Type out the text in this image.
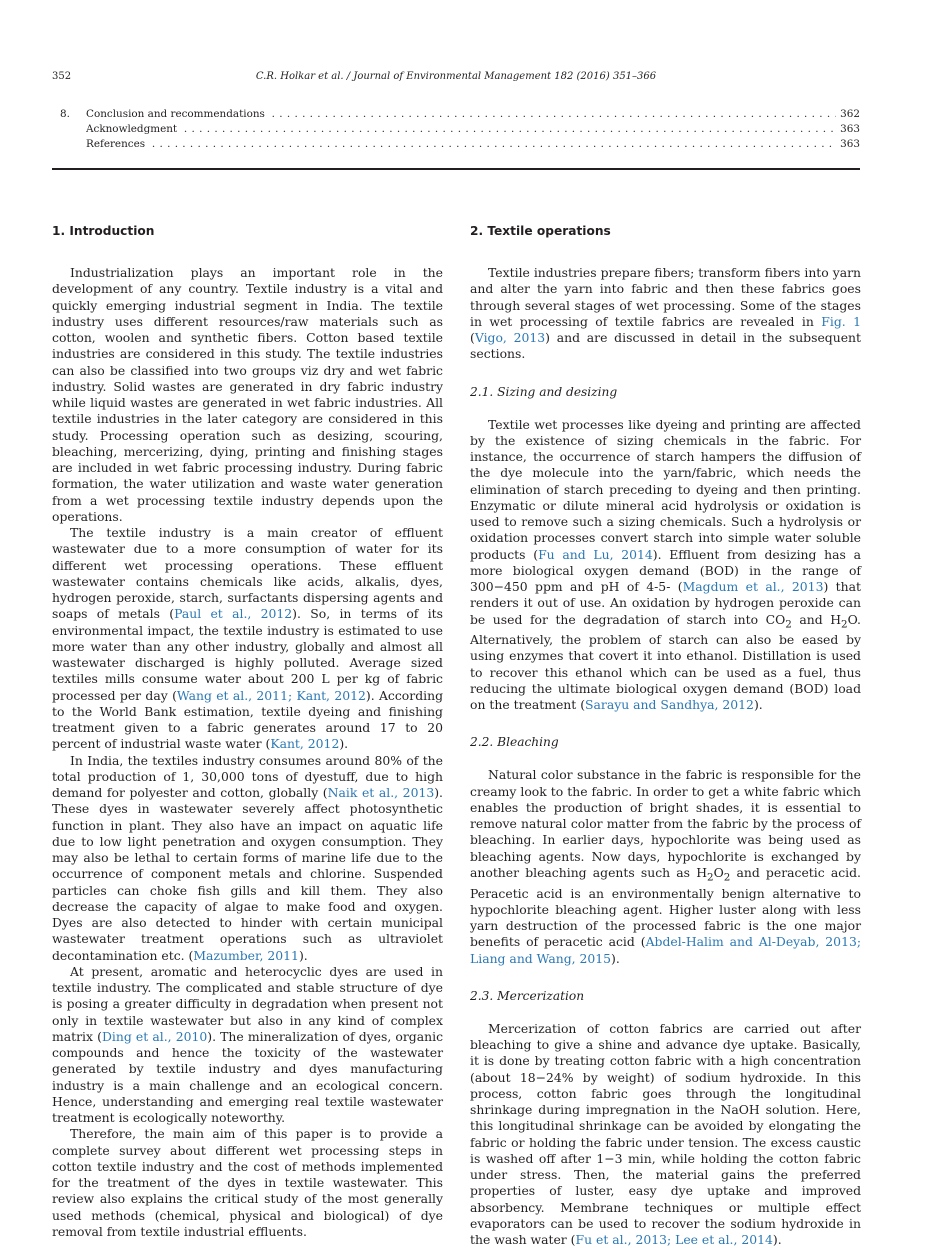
352	C.R. Holkar et al. / Journal of Environmental Management 182 (2016) 351–366
8. Conclusion and recommendations . . .	362
Acknowledgment . . .	363
References . . .	363
1. Introduction

Industrialization plays an important role in the development of any country. Textile industry is a vital and quickly emerging industrial segment in India. The textile industry uses different resources/raw materials such as cotton, woolen and synthetic fibers. Cotton based textile industries are considered in this study. The textile industries can also be classified into two groups viz dry and wet fabric industry. Solid wastes are generated in dry fabric industry while liquid wastes are generated in wet fabric industries. All textile industries in the later category are considered in this study. Processing operation such as desizing, scouring, bleaching, mercerizing, dying, printing and finishing stages are included in wet fabric processing industry. During fabric formation, the water utilization and waste water generation from a wet processing textile industry depends upon the operations.

The textile industry is a main creator of effluent wastewater due to a more consumption of water for its different wet processing operations. These effluent wastewater contains chemicals like acids, alkalis, dyes, hydrogen peroxide, starch, surfactants dispersing agents and soaps of metals (Paul et al., 2012). So, in terms of its environmental impact, the textile industry is estimated to use more water than any other industry, globally and almost all wastewater discharged is highly polluted. Average sized textiles mills consume water about 200 L per kg of fabric processed per day (Wang et al., 2011; Kant, 2012). According to the World Bank estimation, textile dyeing and finishing treatment given to a fabric generates around 17 to 20 percent of industrial waste water (Kant, 2012).

In India, the textiles industry consumes around 80% of the total production of 1, 30,000 tons of dyestuff, due to high demand for polyester and cotton, globally (Naik et al., 2013). These dyes in wastewater severely affect photosynthetic function in plant. They also have an impact on aquatic life due to low light penetration and oxygen consumption. They may also be lethal to certain forms of marine life due to the occurrence of component metals and chlorine. Suspended particles can choke fish gills and kill them. They also decrease the capacity of algae to make food and oxygen. Dyes are also detected to hinder with certain municipal wastewater treatment operations such as ultraviolet decontamination etc. (Mazumber, 2011).

At present, aromatic and heterocyclic dyes are used in textile industry. The complicated and stable structure of dye is posing a greater difficulty in degradation when present not only in textile wastewater but also in any kind of complex matrix (Ding et al., 2010). The mineralization of dyes, organic compounds and hence the toxicity of the wastewater generated by textile industry and dyes manufacturing industry is a main challenge and an ecological concern. Hence, understanding and emerging real textile wastewater treatment is ecologically noteworthy.

Therefore, the main aim of this paper is to provide a complete survey about different wet processing steps in cotton textile industry and the cost of methods implemented for the treatment of the dyes in textile wastewater. This review also explains the critical study of the most generally used methods (chemical, physical and biological) of dye removal from textile industrial effluents.

2. Textile operations

Textile industries prepare fibers; transform fibers into yarn and alter the yarn into fabric and then these fabrics goes through several stages of wet processing. Some of the stages in wet processing of textile fabrics are revealed in Fig. 1 (Vigo, 2013) and are discussed in detail in the subsequent sections.

2.1. Sizing and desizing

Textile wet processes like dyeing and printing are affected by the existence of sizing chemicals in the fabric. For instance, the occurrence of starch hampers the diffusion of the dye molecule into the yarn/fabric, which needs the elimination of starch preceding to dyeing and then printing. Enzymatic or dilute mineral acid hydrolysis or oxidation is used to remove such a sizing chemicals. Such a hydrolysis or oxidation processes convert starch into simple water soluble products (Fu and Lu, 2014). Effluent from desizing has a more biological oxygen demand (BOD) in the range of 300−450 ppm and pH of 4-5- (Magdum et al., 2013) that renders it out of use. An oxidation by hydrogen peroxide can be used for the degradation of starch into $CO_2$ and $H_2O$. Alternatively, the problem of starch can also be eased by using enzymes that covert it into ethanol. Distillation is used to recover this ethanol which can be used as a fuel, thus reducing the ultimate biological oxygen demand (BOD) load on the treatment (Sarayu and Sandhya, 2012).

2.2. Bleaching

Natural color substance in the fabric is responsible for the creamy look to the fabric. In order to get a white fabric which enables the production of bright shades, it is essential to remove natural color matter from the fabric by the process of bleaching. In earlier days, hypochlorite was being used as bleaching agents. Now days, hypochlorite is exchanged by another bleaching agents such as $H_2O_2$ and peracetic acid. Peracetic acid is an environmentally benign alternative to hypochlorite bleaching agent. Higher luster along with less yarn destruction of the processed fabric is the one major benefits of peracetic acid (Abdel-Halim and Al-Deyab, 2013; Liang and Wang, 2015).

2.3. Mercerization

Mercerization of cotton fabrics are carried out after bleaching to give a shine and advance dye uptake. Basically, it is done by treating cotton fabric with a high concentration (about 18−24% by weight) of sodium hydroxide. In this process, cotton fabric goes through the longitudinal shrinkage during impregnation in the NaOH solution. Here, this longitudinal shrinkage can be avoided by elongating the fabric or holding the fabric under tension. The excess caustic is washed off after 1−3 min, while holding the cotton fabric under stress. Then, the material gains the preferred properties of luster, easy dye uptake and improved absorbency. Membrane techniques or multiple effect evaporators can be used to recover the sodium hydroxide in the wash water (Fu et al., 2013; Lee et al., 2014).
